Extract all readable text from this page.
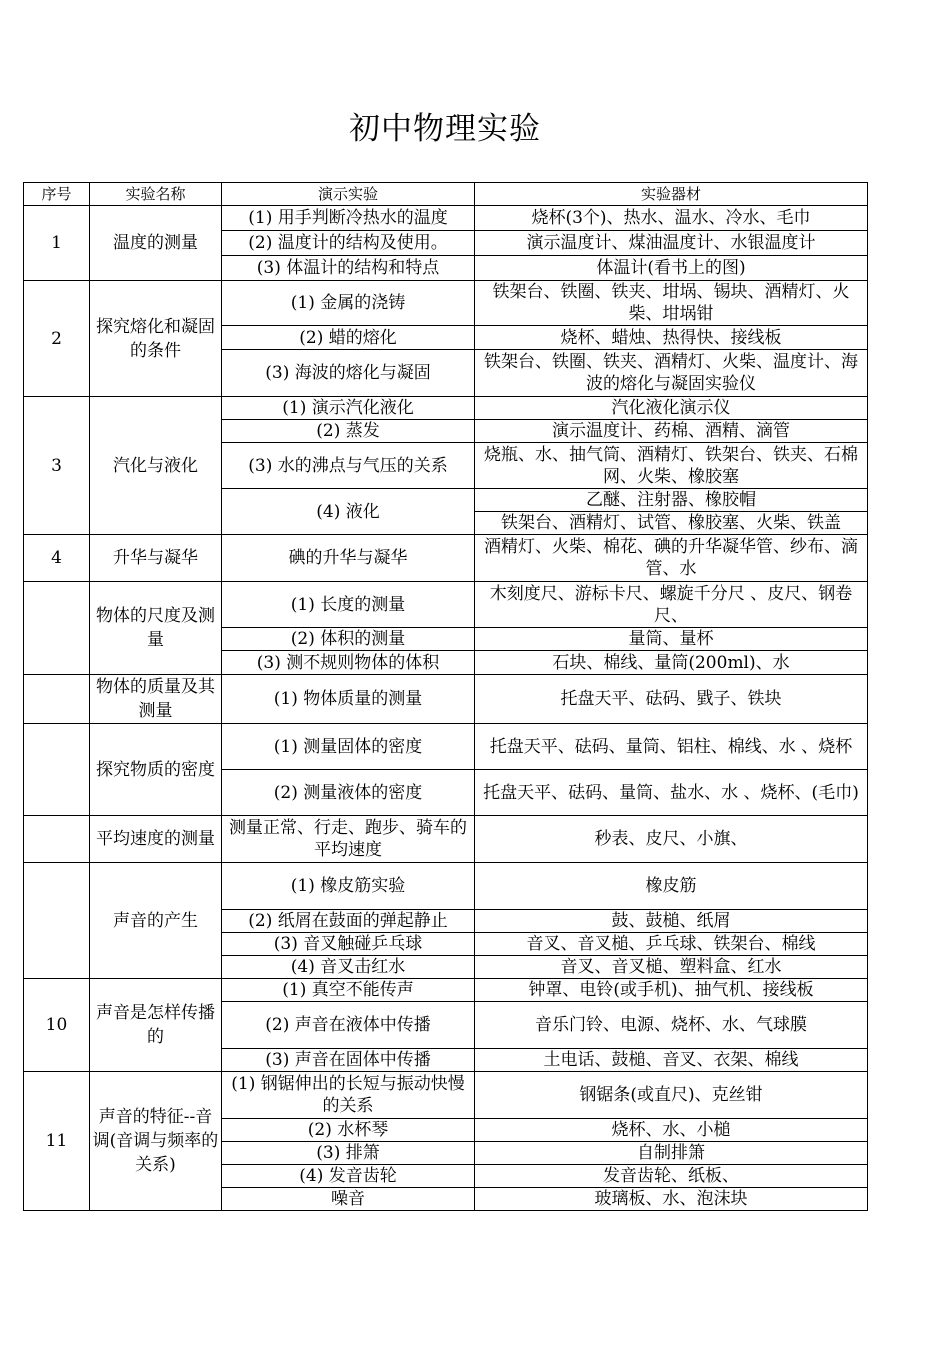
初中物理实验
序号	实验名称	演示实验	实验器材
1	温度的测量	(1) 用手判断冷热水的温度	烧杯(3个)、热水、温水、冷水、毛巾
		(2) 温度计的结构及使用。	演示温度计、煤油温度计、水银温度计
		(3) 体温计的结构和特点	体温计(看书上的图)
2	探究熔化和凝固的条件	(1) 金属的浇铸	铁架台、铁圈、铁夹、坩埚、锡块、酒精灯、火柴、坩埚钳
		(2) 蜡的熔化	烧杯、蜡烛、热得快、接线板
		(3) 海波的熔化与凝固	铁架台、铁圈、铁夹、酒精灯、火柴、温度计、海波的熔化与凝固实验仪
3	汽化与液化	(1) 演示汽化液化	汽化液化演示仪
		(2) 蒸发	演示温度计、药棉、酒精、滴管
		(3) 水的沸点与气压的关系	烧瓶、水、抽气筒、酒精灯、铁架台、铁夹、石棉网、火柴、橡胶塞
		(4) 液化	乙醚、注射器、橡胶帽
			铁架台、酒精灯、试管、橡胶塞、火柴、铁盖
4	升华与凝华	碘的升华与凝华	酒精灯、火柴、棉花、碘的升华凝华管、纱布、滴管、水
	物体的尺度及测量	(1) 长度的测量	木刻度尺、游标卡尺、螺旋千分尺 、皮尺、钢卷尺、
		(2) 体积的测量	量筒、量杯
		(3) 测不规则物体的体积	石块、棉线、量筒(200ml)、水
	物体的质量及其测量	(1) 物体质量的测量	托盘天平、砝码、戥子、铁块
	探究物质的密度	(1) 测量固体的密度	托盘天平、砝码、量筒、铝柱、棉线、水 、烧杯
		(2) 测量液体的密度	托盘天平、砝码、量筒、盐水、水 、烧杯、(毛巾)
	平均速度的测量	测量正常、行走、跑步、骑车的平均速度	秒表、皮尺、小旗、
	声音的产生	(1) 橡皮筋实验	橡皮筋
		(2) 纸屑在鼓面的弹起静止	鼓、鼓槌、纸屑
		(3) 音叉触碰乒乓球	音叉、音叉槌、乒乓球、铁架台、棉线
		(4) 音叉击红水	音叉、音叉槌、塑料盒、红水
10	声音是怎样传播的	(1) 真空不能传声	钟罩、电铃(或手机)、抽气机、接线板
		(2) 声音在液体中传播	音乐门铃、电源、烧杯、水、气球膜
		(3) 声音在固体中传播	土电话、鼓槌、音叉、衣架、棉线
11	声音的特征--音调(音调与频率的关系)	(1) 钢锯伸出的长短与振动快慢的关系	钢锯条(或直尺)、克丝钳
		(2) 水杯琴	烧杯、水、小槌
		(3) 排箫	自制排箫
		(4) 发音齿轮	发音齿轮、纸板、
		噪音	玻璃板、水、泡沫块
